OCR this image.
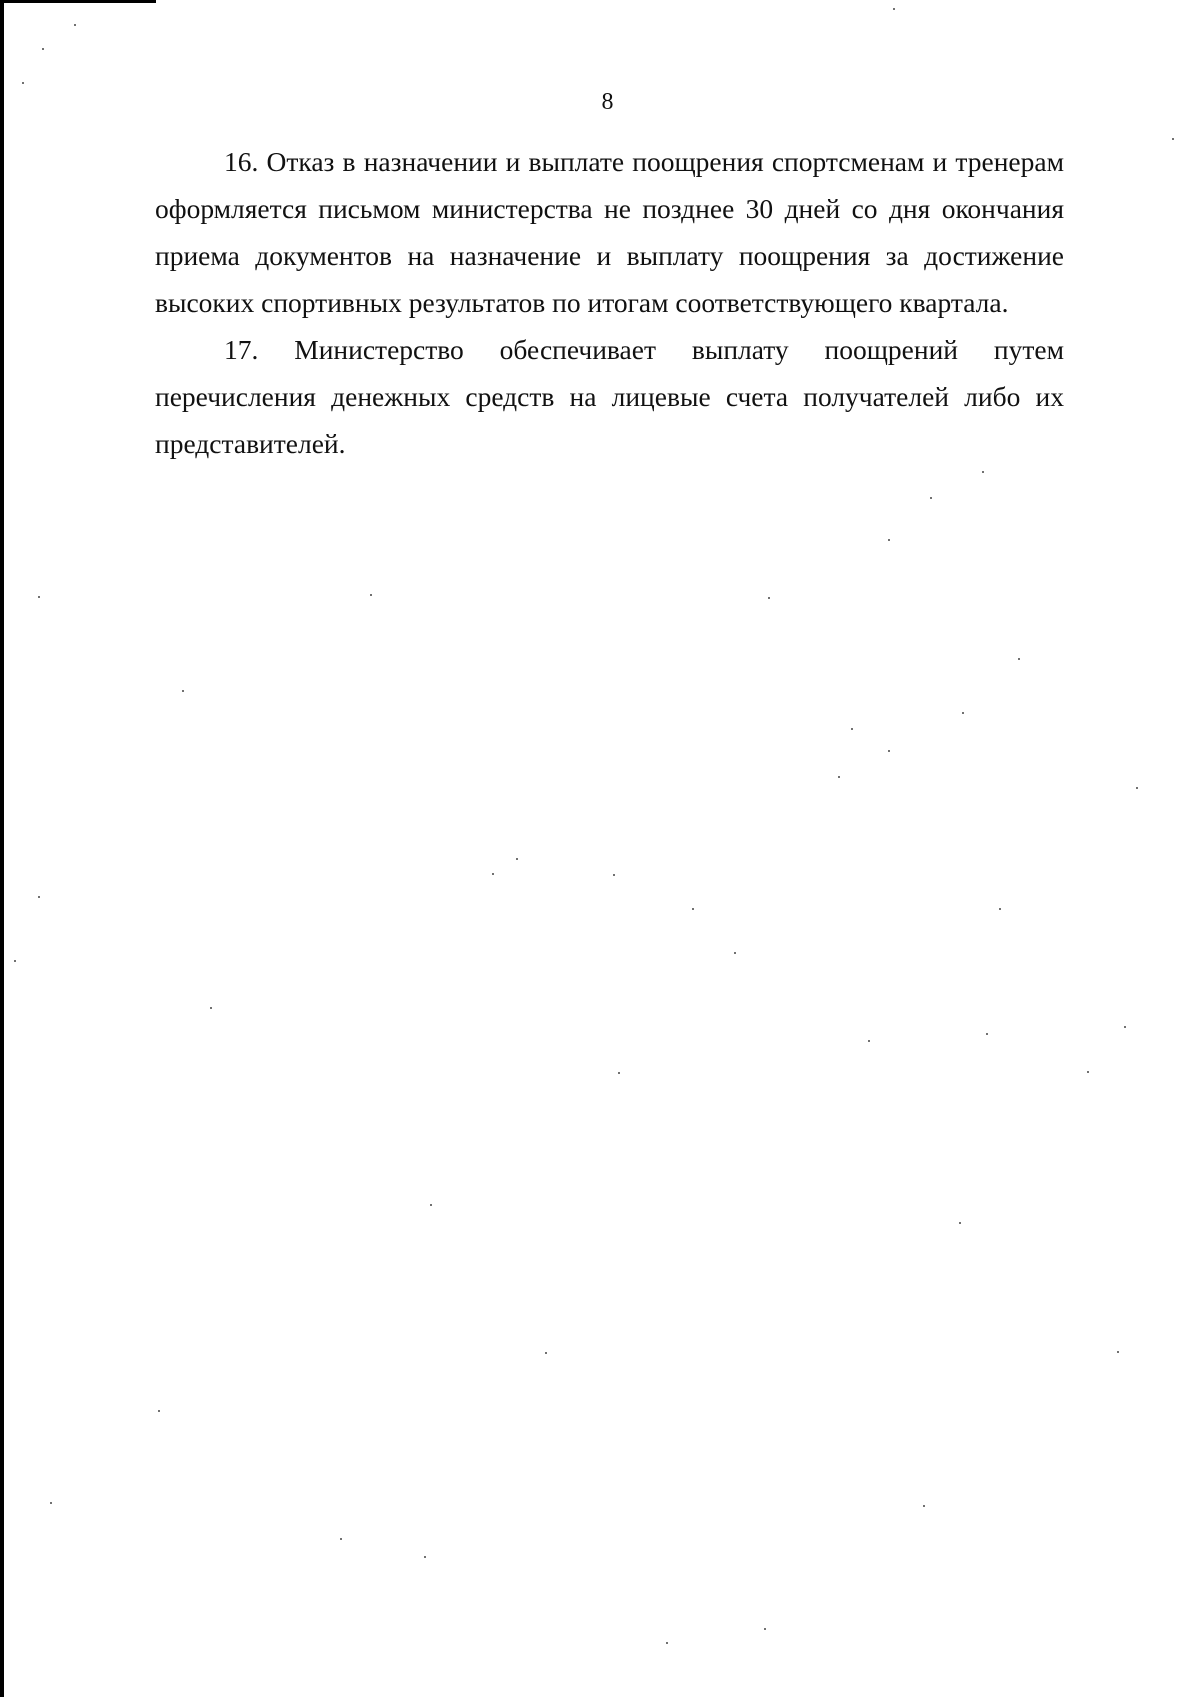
8

16. Отказ в назначении и выплате поощрения спортсменам и тренерам оформляется письмом министерства не позднее 30 дней со дня окончания приема документов на назначение и выплату поощрения за достижение высоких спортивных результатов по итогам соответствующего квартала.

17. Министерство обеспечивает выплату поощрений путем перечисления денежных средств на лицевые счета получателей либо их представителей.
